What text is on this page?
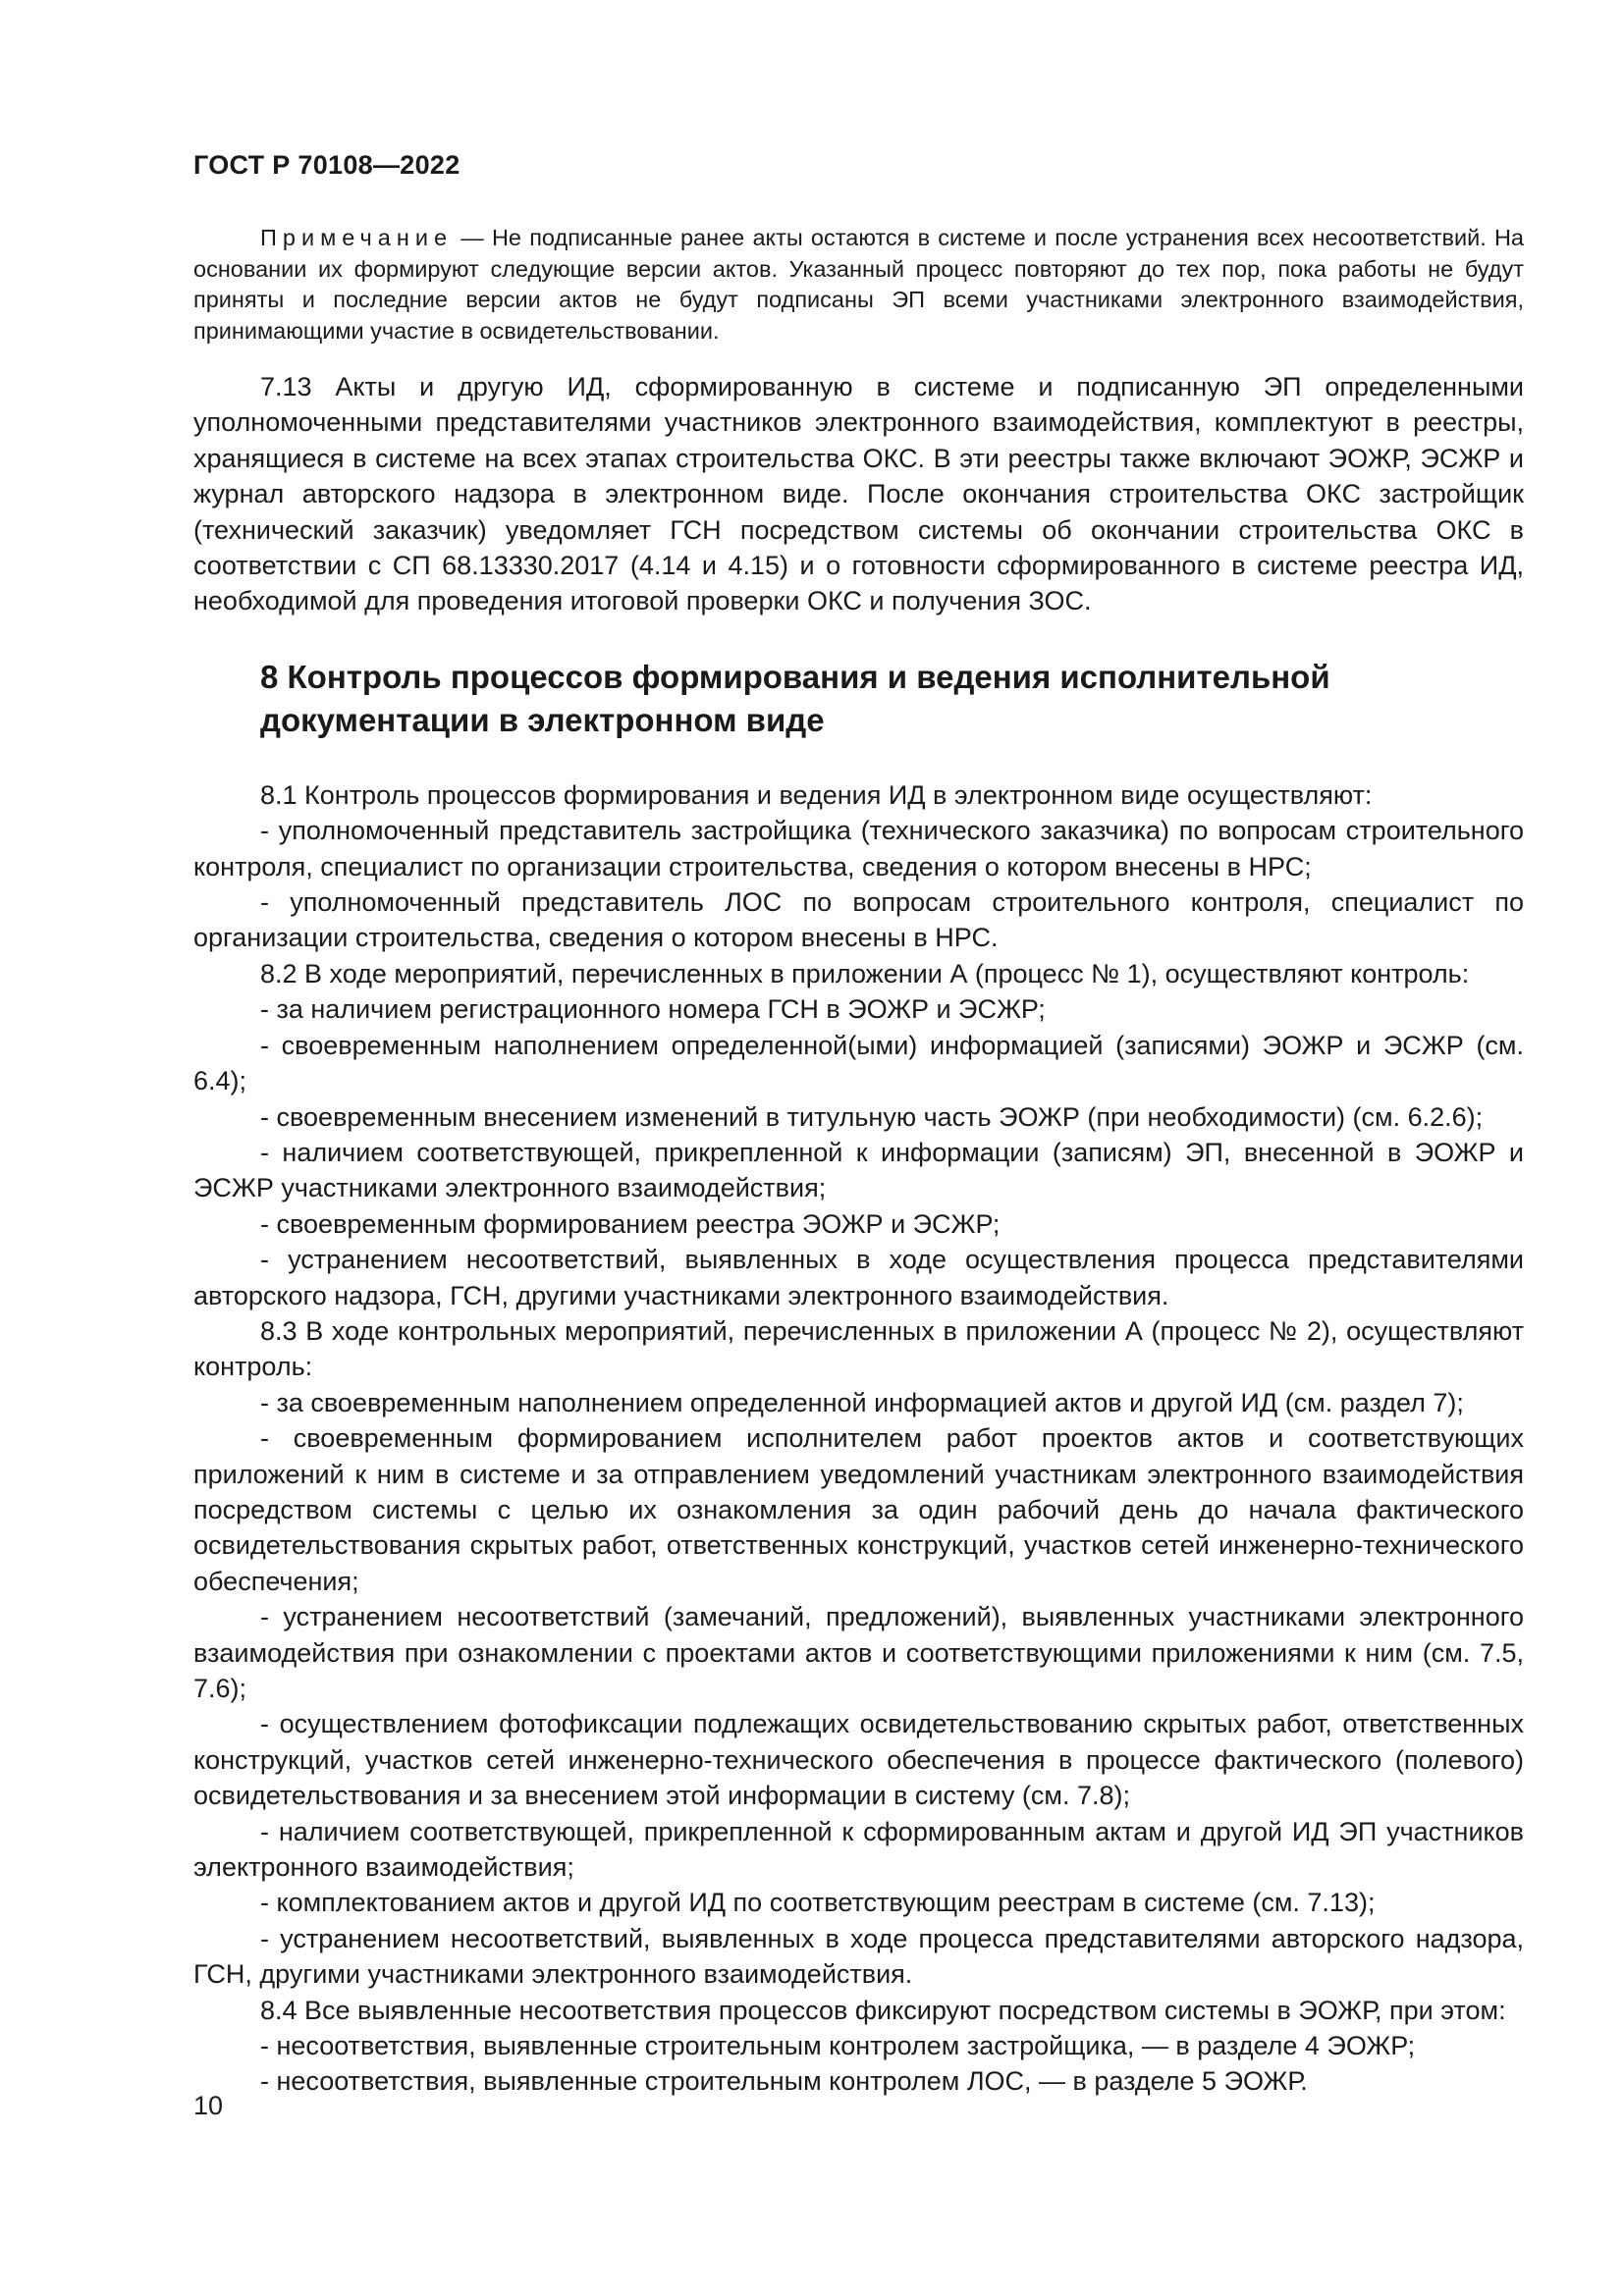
ГОСТ Р 70108—2022

Примечание — Не подписанные ранее акты остаются в системе и после устранения всех несоответствий. На основании их формируют следующие версии актов. Указанный процесс повторяют до тех пор, пока работы не будут приняты и последние версии актов не будут подписаны ЭП всеми участниками электронного взаимодействия, принимающими участие в освидетельствовании.

7.13 Акты и другую ИД, сформированную в системе и подписанную ЭП определенными уполномоченными представителями участников электронного взаимодействия, комплектуют в реестры, хранящиеся в системе на всех этапах строительства ОКС. В эти реестры также включают ЭОЖР, ЭСЖР и журнал авторского надзора в электронном виде. После окончания строительства ОКС застройщик (технический заказчик) уведомляет ГСН посредством системы об окончании строительства ОКС в соответствии с СП 68.13330.2017 (4.14 и 4.15) и о готовности сформированного в системе реестра ИД, необходимой для проведения итоговой проверки ОКС и получения ЗОС.

8 Контроль процессов формирования и ведения исполнительной документации в электронном виде

8.1 Контроль процессов формирования и ведения ИД в электронном виде осуществляют:

- уполномоченный представитель застройщика (технического заказчика) по вопросам строительного контроля, специалист по организации строительства, сведения о котором внесены в НРС;

- уполномоченный представитель ЛОС по вопросам строительного контроля, специалист по организации строительства, сведения о котором внесены в НРС.

8.2 В ходе мероприятий, перечисленных в приложении А (процесс № 1), осуществляют контроль:

- за наличием регистрационного номера ГСН в ЭОЖР и ЭСЖР;

- своевременным наполнением определенной(ыми) информацией (записями) ЭОЖР и ЭСЖР (см. 6.4);

- своевременным внесением изменений в титульную часть ЭОЖР (при необходимости) (см. 6.2.6);

- наличием соответствующей, прикрепленной к информации (записям) ЭП, внесенной в ЭОЖР и ЭСЖР участниками электронного взаимодействия;

- своевременным формированием реестра ЭОЖР и ЭСЖР;

- устранением несоответствий, выявленных в ходе осуществления процесса представителями авторского надзора, ГСН, другими участниками электронного взаимодействия.

8.3 В ходе контрольных мероприятий, перечисленных в приложении А (процесс № 2), осуществляют контроль:

- за своевременным наполнением определенной информацией актов и другой ИД (см. раздел 7);

- своевременным формированием исполнителем работ проектов актов и соответствующих приложений к ним в системе и за отправлением уведомлений участникам электронного взаимодействия посредством системы с целью их ознакомления за один рабочий день до начала фактического освидетельствования скрытых работ, ответственных конструкций, участков сетей инженерно-технического обеспечения;

- устранением несоответствий (замечаний, предложений), выявленных участниками электронного взаимодействия при ознакомлении с проектами актов и соответствующими приложениями к ним (см. 7.5, 7.6);

- осуществлением фотофиксации подлежащих освидетельствованию скрытых работ, ответственных конструкций, участков сетей инженерно-технического обеспечения в процессе фактического (полевого) освидетельствования и за внесением этой информации в систему (см. 7.8);

- наличием соответствующей, прикрепленной к сформированным актам и другой ИД ЭП участников электронного взаимодействия;

- комплектованием актов и другой ИД по соответствующим реестрам в системе (см. 7.13);

- устранением несоответствий, выявленных в ходе процесса представителями авторского надзора, ГСН, другими участниками электронного взаимодействия.

8.4 Все выявленные несоответствия процессов фиксируют посредством системы в ЭОЖР, при этом:

- несоответствия, выявленные строительным контролем застройщика, — в разделе 4 ЭОЖР;

- несоответствия, выявленные строительным контролем ЛОС, — в разделе 5 ЭОЖР.

10
